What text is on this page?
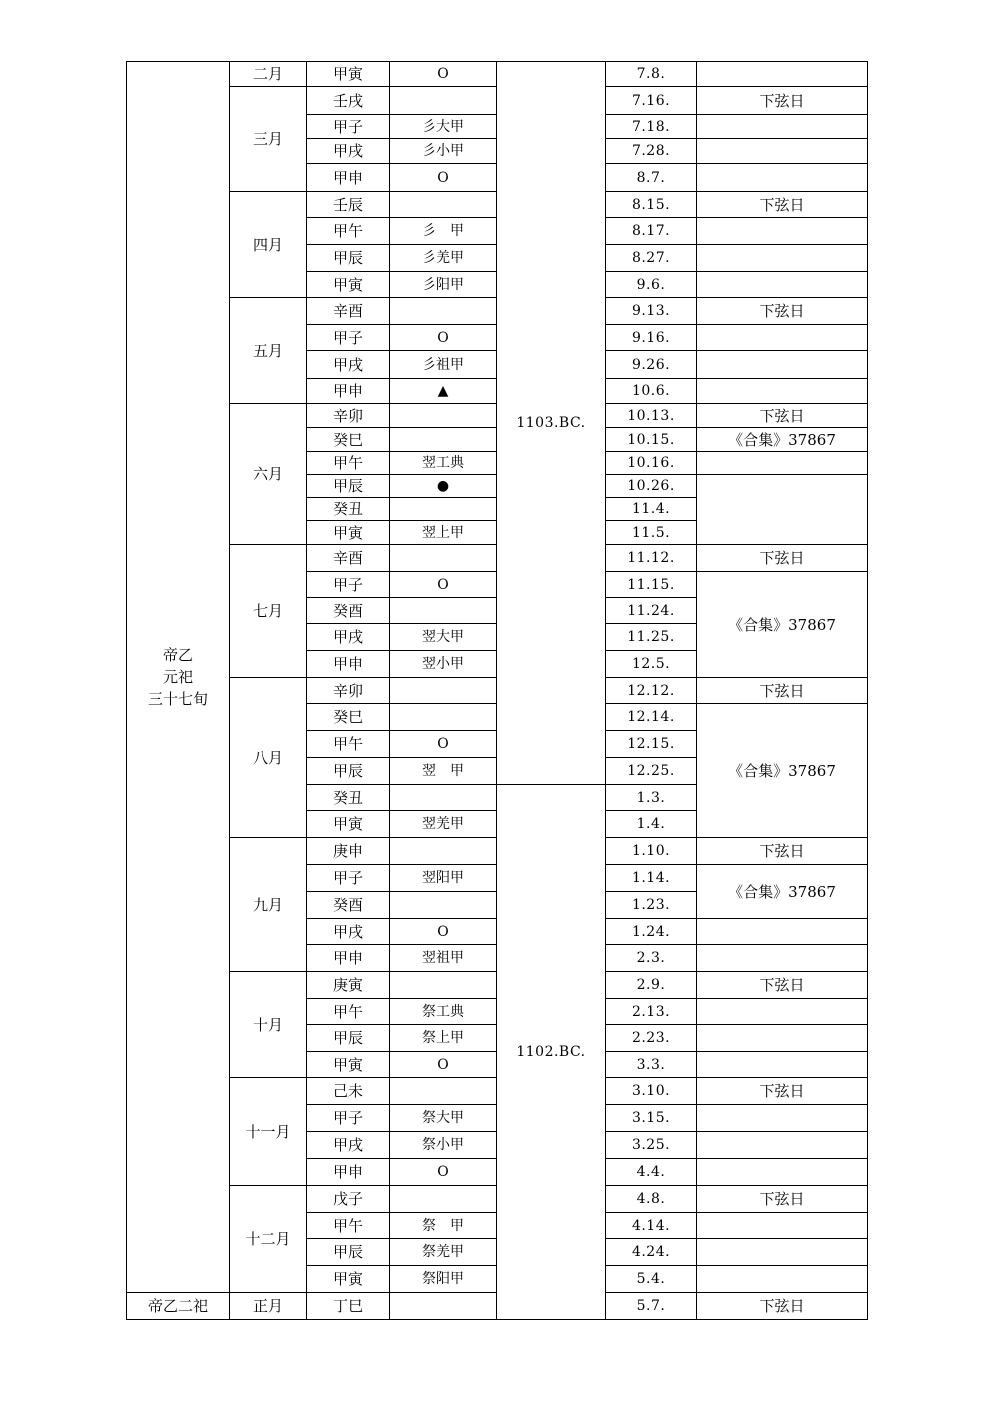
帝乙
元祀
三十七旬	二月	甲寅	O	1103.BC.	7.8.	
	三月	壬戌			7.16.	下弦日
		甲子	彡大甲		7.18.	
		甲戌	彡小甲		7.28.	
		甲申	O		8.7.	
	四月	壬辰			8.15.	下弦日
		甲午	彡　甲		8.17.	
		甲辰	彡羌甲		8.27.	
		甲寅	彡阳甲		9.6.	
	五月	辛酉			9.13.	下弦日
		甲子	O		9.16.	
		甲戌	彡祖甲		9.26.	
		甲申	▲		10.6.	
	六月	辛卯			10.13.	下弦日
		癸巳			10.15.	《合集》37867
		甲午	翌工典		10.16.	
		甲辰	●		10.26.	
		癸丑			11.4.	
		甲寅	翌上甲		11.5.	
	七月	辛酉			11.12.	下弦日
		甲子	O		11.15.	《合集》37867
		癸酉			11.24.	
		甲戌	翌大甲		11.25.	
		甲申	翌小甲		12.5.	
	八月	辛卯			12.12.	下弦日
		癸巳			12.14.	《合集》37867
		甲午	O		12.15.	
		甲辰	翌　甲		12.25.	
		癸丑		1102.BC.	1.3.	
		甲寅	翌羌甲		1.4.	
	九月	庚申			1.10.	下弦日
		甲子	翌阳甲		1.14.	《合集》37867
		癸酉			1.23.	
		甲戌	O		1.24.	
		甲申	翌祖甲		2.3.	
	十月	庚寅			2.9.	下弦日
		甲午	祭工典		2.13.	
		甲辰	祭上甲		2.23.	
		甲寅	O		3.3.	
	十一月	己未			3.10.	下弦日
		甲子	祭大甲		3.15.	
		甲戌	祭小甲		3.25.	
		甲申	O		4.4.	
	十二月	戊子			4.8.	下弦日
		甲午	祭　甲		4.14.	
		甲辰	祭羌甲		4.24.	
		甲寅	祭阳甲		5.4.	

帝乙二祀	正月	丁巳			5.7.	下弦日
